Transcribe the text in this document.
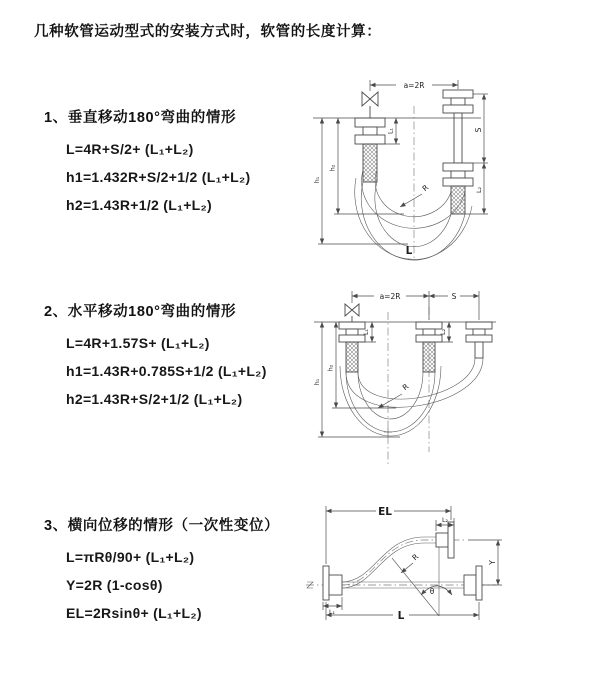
几种软管运动型式的安装方式时，软管的长度计算：
1、垂直移动180°弯曲的情形
L=4R+S/2+ (L₁+L₂)
h1=1.432R+S/2+1/2 (L₁+L₂)
h2=1.43R+1/2 (L₁+L₂)
2、水平移动180°弯曲的情形
L=4R+1.57S+ (L₁+L₂)
h1=1.43R+0.785S+1/2 (L₁+L₂)
h2=1.43R+S/2+1/2 (L₁+L₂)
3、横向位移的情形（一次性变位）
L=πRθ/90+ (L₁+L₂)
Y=2R (1-cosθ)
EL=2Rsinθ+ (L₁+L₂)
a=2R
L₁	S
L₂
h₁
h₂
R
L
a=2R	S
L₁	L₂
h₁
h₂
R
EL
L₂
Y
L
L₁
R
θ
